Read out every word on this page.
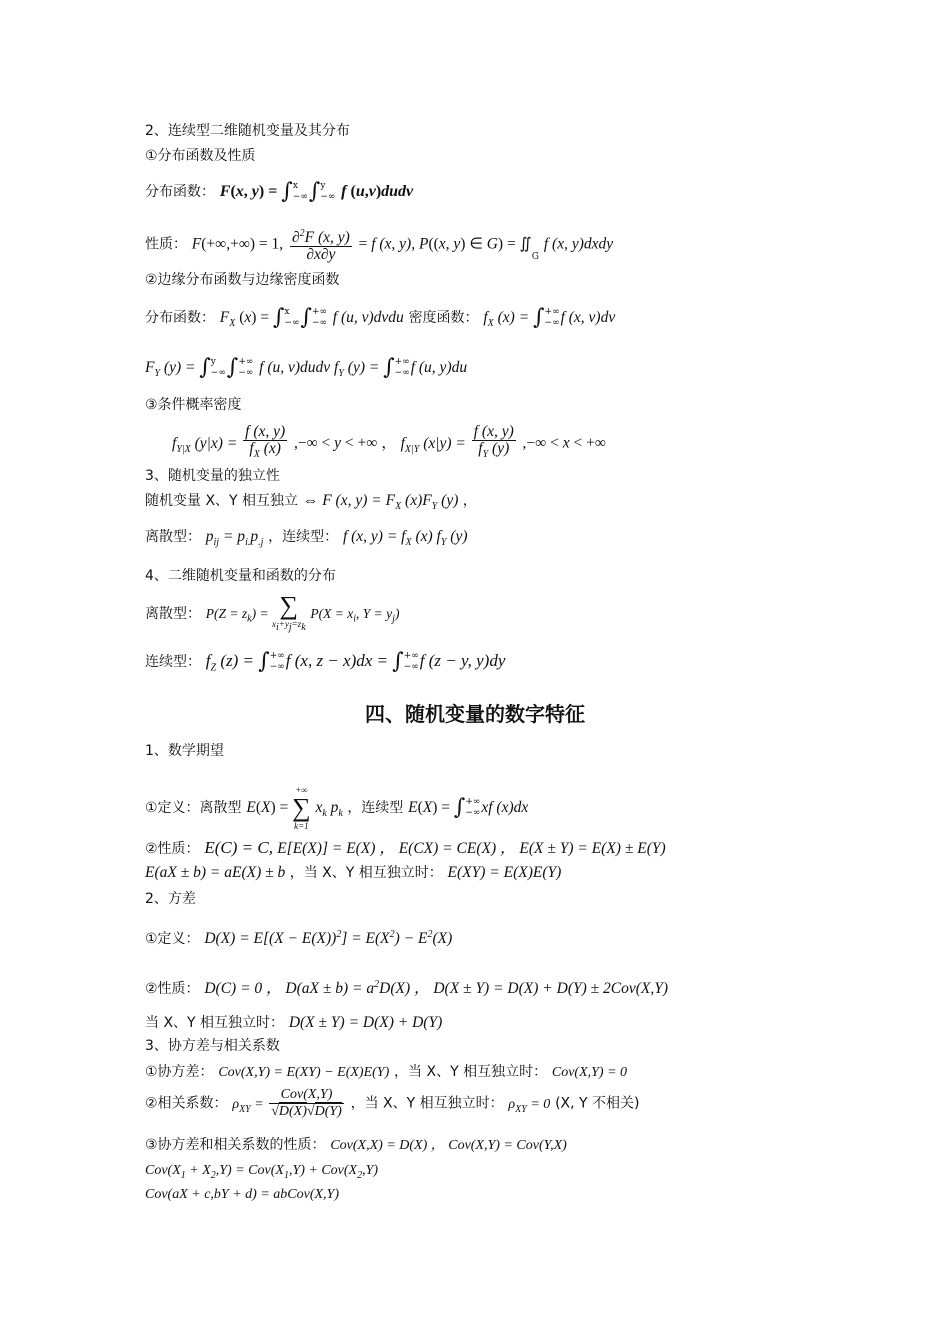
2、连续型二维随机变量及其分布
①分布函数及性质
分布函数： F(x, y) = ∫x
−∞∫y
−∞ f (u,v)dudv
性质： F(+∞,+∞) = 1, $\frac{\partial^2F (x, y)}{\partial x\partial y} = f$ (x, y), P((x, y) ∈ G) = ∬G f (x, y)dxdy
②边缘分布函数与边缘密度函数
分布函数： $F_X$ (x) = ∫x
−∞∫+∞
−∞ f (u, v)dvdu 密度函数： $f_X$ (x) = ∫+∞
−∞f (x, v)dv
$F_Y$ (y) = ∫y
−∞∫+∞
−∞ f (u, v)dudv $f_Y$ (y) = ∫+∞
−∞f (u, y)du
③条件概率密度
$f_{Y|X}$ $(y|x) = \frac{f (x, y)}{f_X (x)}$ ,−∞ < y < +∞ ， $f_{X|Y}$ $(x|y) = \frac{f (x, y)}{f_Y (y)}$ ,−∞ < x < +∞
3、随机变量的独立性
随机变量 X、Y 相互独立 ⇔ F (x, $y) = F_X$ $(x)F_Y$ (y) ，
离散型： $p_{ij} = p_{i.}p_{.j}$ ，连续型： f (x, $y) = f_X$ (x) $f_Y$ (y)
4、二维随机变量和函数的分布
离散型： $P(Z = z_k)$ = ∑
$x_i+y_j=z_k$
$P(X = x_i$, $Y = y_j$)
连续型： $f_Z$ (z) = ∫+∞
−∞f (x, z − x)dx = ∫+∞
−∞f (z − y, y)dy
四、随机变量的数字特征
1、数学期望
①定义：离散型 E(X) =
+∞
∑
k=1
$x_k$ $p_k$ ，连续型 E(X) = ∫+∞
−∞xf (x)dx
②性质： E(C) = C, E[E(X)] = E(X) ， E(CX) = CE(X) ， E(X ± Y) = E(X) ± E(Y)
E(aX ± b) = aE(X) ± b ，当 X、Y 相互独立时： E(XY) = E(X)E(Y)
2、方差
①定义： $D(X) = E[(X - E(X))^2] = E(X^2) - E^2(X)$
②性质： D(C) = 0 ， $D(aX \pm b) = a^2D(X)$ ， D(X ± Y) = D(X) + D(Y) ± 2Cov(X,Y)
当 X、Y 相互独立时： D(X ± Y) = D(X) + D(Y)
3、协方差与相关系数
①协方差： Cov(X,Y) = E(XY) − E(X)E(Y) ，当 X、Y 相互独立时： Cov(X,Y) = 0
②相关系数： $\rho_{XY} = \frac{\text{Cov(X,Y)}}{√D(X)√D(Y)}$ ，当 X、Y 相互独立时： $\rho_{XY} = 0$ (X, Y 不相关)
③协方差和相关系数的性质： Cov(X,X) = D(X) ， Cov(X,Y) = Cov(Y,X)
$Cov(X_1 + X_2,Y) = Cov(X_1,Y) + Cov(X_2,Y)$
Cov(aX + c,bY + d) = abCov(X,Y)
